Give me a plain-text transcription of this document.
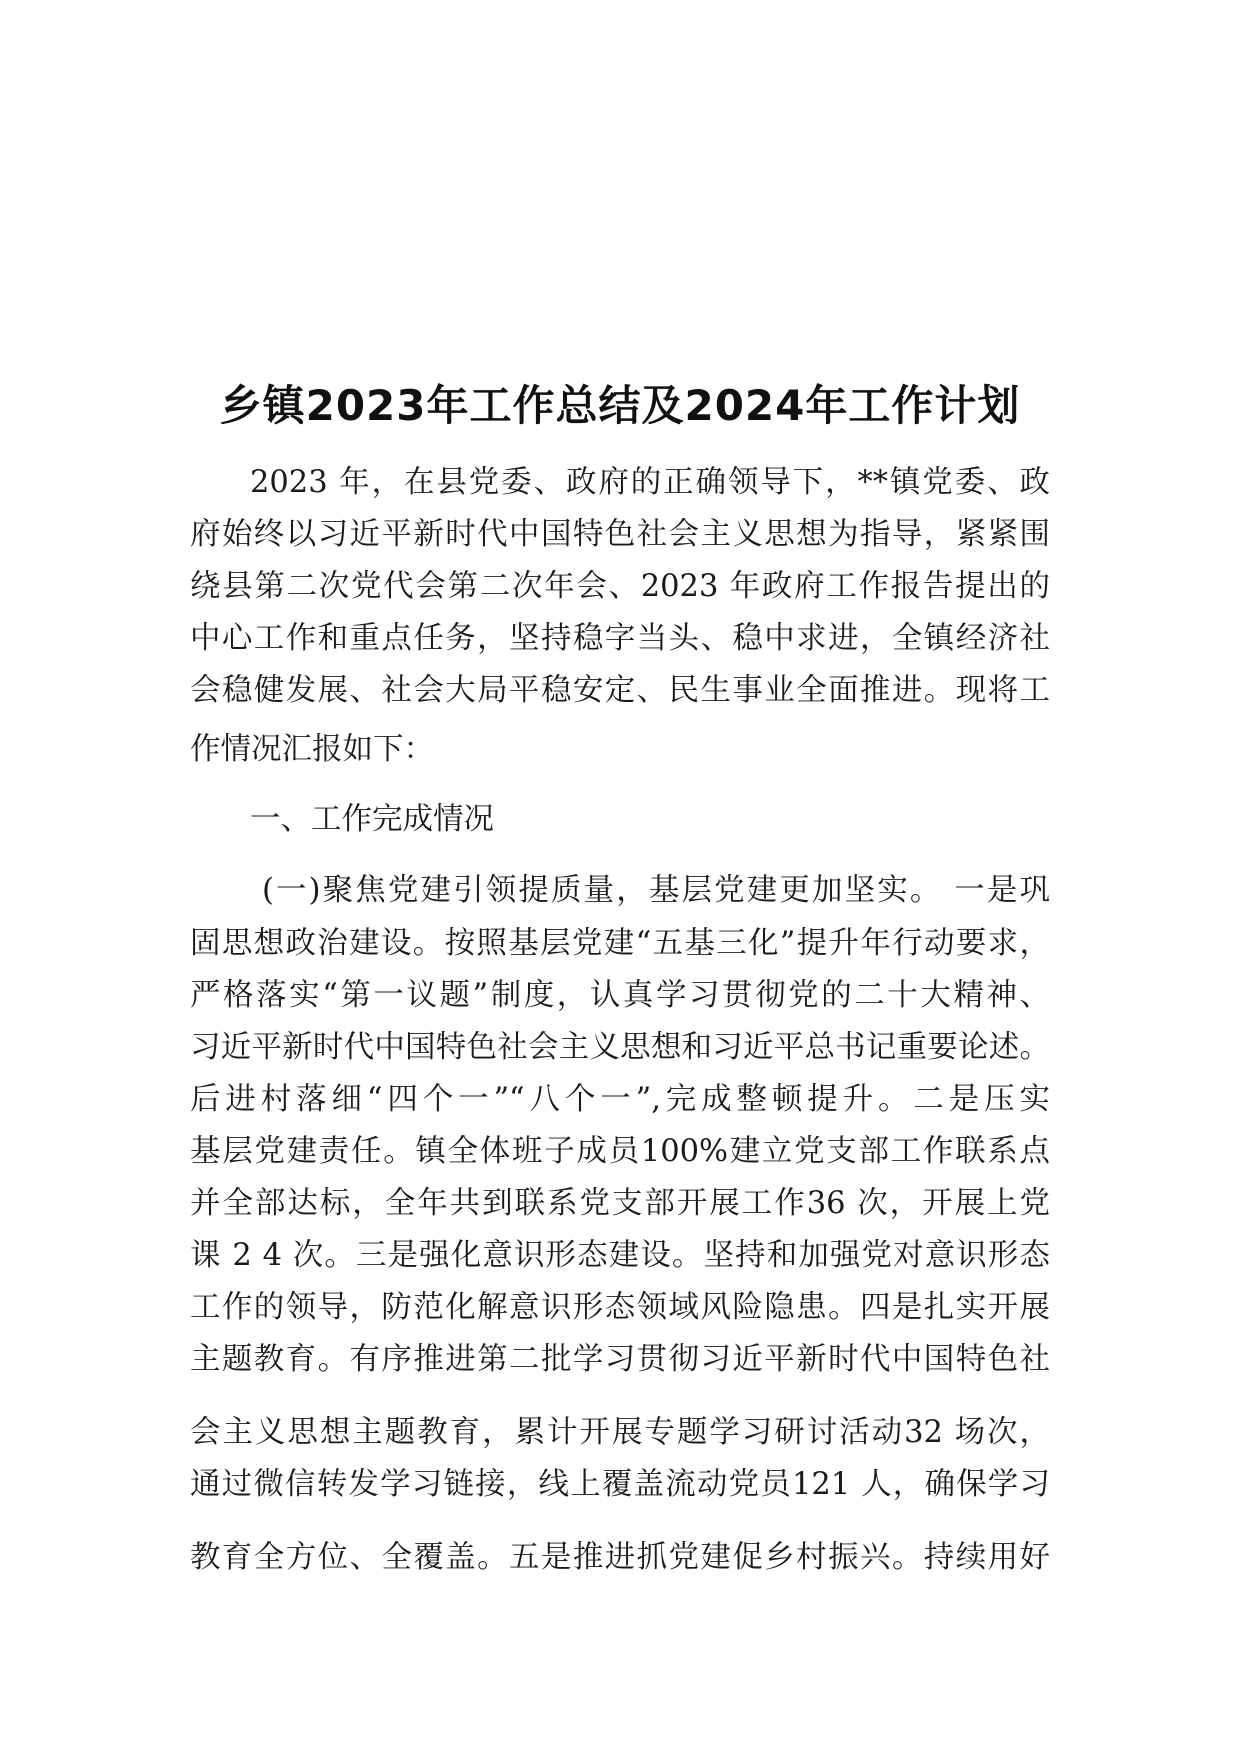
乡镇2023年工作总结及2024年工作计划
2023 年，在县党委、政府的正确领导下，**镇党委、政
府始终以习近平新时代中国特色社会主义思想为指导，紧紧围
绕县第二次党代会第二次年会、2023 年政府工作报告提出的
中心工作和重点任务，坚持稳字当头、稳中求进，全镇经济社
会稳健发展、社会大局平稳安定、民生事业全面推进。现将工
作情况汇报如下：
一、工作完成情况
(一)聚焦党建引领提质量，基层党建更加坚实。 一是巩
固思想政治建设。按照基层党建“五基三化”提升年行动要求，
严格落实“第一议题”制度，认真学习贯彻党的二十大精神、
习近平新时代中国特色社会主义思想和习近平总书记重要论述。
后进村落细“四个一”“八个一”,完成整顿提升。二是压实
基层党建责任。镇全体班子成员100%建立党支部工作联系点
并全部达标，全年共到联系党支部开展工作36 次，开展上党
课 2 4 次。三是强化意识形态建设。坚持和加强党对意识形态
工作的领导，防范化解意识形态领域风险隐患。四是扎实开展
主题教育。有序推进第二批学习贯彻习近平新时代中国特色社
会主义思想主题教育，累计开展专题学习研讨活动32 场次，
通过微信转发学习链接，线上覆盖流动党员121 人，确保学习
教育全方位、全覆盖。五是推进抓党建促乡村振兴。持续用好
